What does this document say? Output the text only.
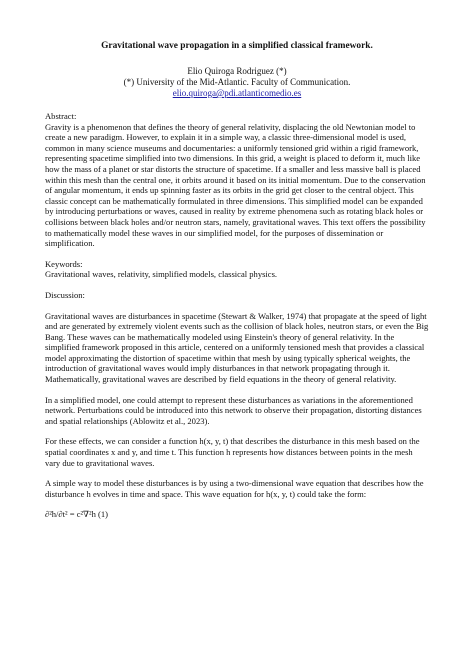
Gravitational wave propagation in a simplified classical framework.
Elio Quiroga Rodriguez (*)
(*) University of the Mid-Atlantic. Faculty of Communication.
elio.quiroga@pdi.atlanticomedio.es

Abstract:

Gravity is a phenomenon that defines the theory of general relativity, displacing the old Newtonian model to create a new paradigm. However, to explain it in a simple way, a classic three-dimensional model is used, common in many science museums and documentaries: a uniformly tensioned grid within a rigid framework, representing spacetime simplified into two dimensions. In this grid, a weight is placed to deform it, much like how the mass of a planet or star distorts the structure of spacetime. If a smaller and less massive ball is placed within this mesh than the central one, it orbits around it based on its initial momentum. Due to the conservation of angular momentum, it ends up spinning faster as its orbits in the grid get closer to the central object. This classic concept can be mathematically formulated in three dimensions. This simplified model can be expanded by introducing perturbations or waves, caused in reality by extreme phenomena such as rotating black holes or collisions between black holes and/or neutron stars, namely, gravitational waves. This text offers the possibility to mathematically model these waves in our simplified model, for the purposes of dissemination or simplification.

Keywords:

Gravitational waves, relativity, simplified models, classical physics.

Discussion:

Gravitational waves are disturbances in spacetime (Stewart & Walker, 1974) that propagate at the speed of light and are generated by extremely violent events such as the collision of black holes, neutron stars, or even the Big Bang. These waves can be mathematically modeled using Einstein's theory of general relativity. In the simplified framework proposed in this article, centered on a uniformly tensioned mesh that provides a classical model approximating the distortion of spacetime within that mesh by using typically spherical weights, the introduction of gravitational waves would imply disturbances in that network propagating through it. Mathematically, gravitational waves are described by field equations in the theory of general relativity.

In a simplified model, one could attempt to represent these disturbances as variations in the aforementioned network. Perturbations could be introduced into this network to observe their propagation, distorting distances and spatial relationships (Ablowitz et al., 2023).

For these effects, we can consider a function h(x, y, t) that describes the disturbance in this mesh based on the spatial coordinates x and y, and time t. This function h represents how distances between points in the mesh vary due to gravitational waves.

A simple way to model these disturbances is by using a two-dimensional wave equation that describes how the disturbance h evolves in time and space. This wave equation for h(x, y, t) could take the form:

∂²h/∂t² = c²∇²h (1)
